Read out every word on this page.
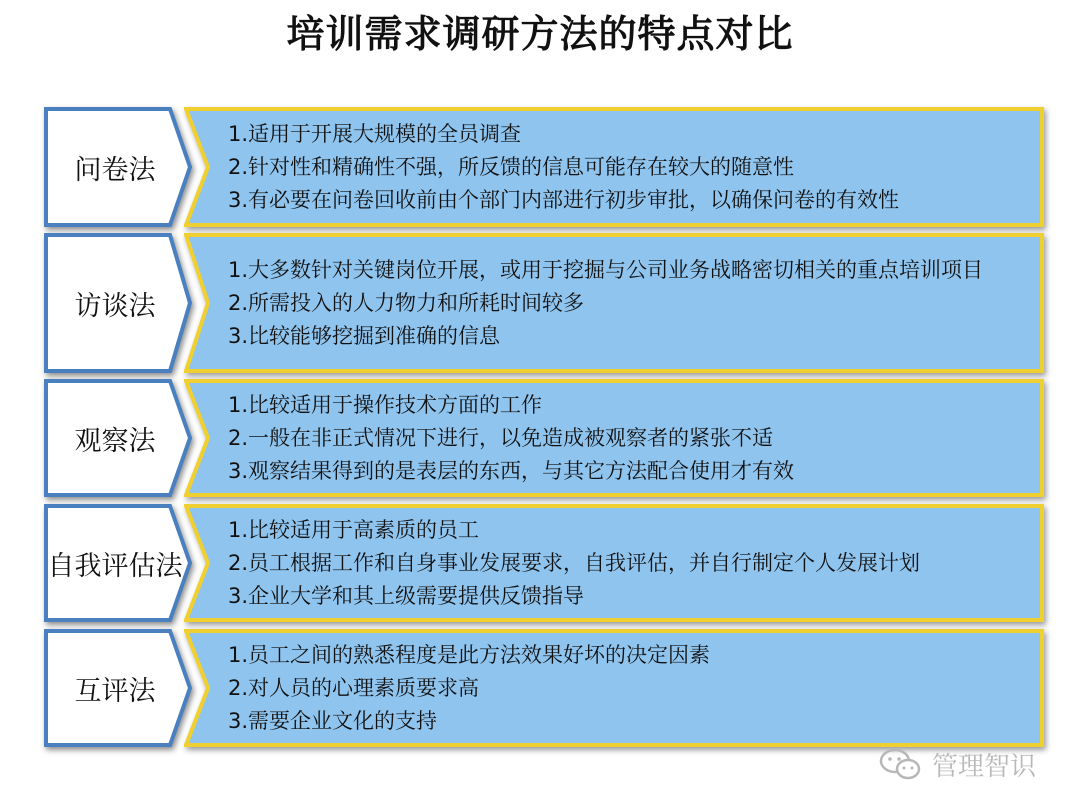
培训需求调研方法的特点对比
问卷法
1.适用于开展大规模的全员调查
2.针对性和精确性不强，所反馈的信息可能存在较大的随意性
3.有必要在问卷回收前由个部门内部进行初步审批，以确保问卷的有效性
访谈法
1.大多数针对关键岗位开展，或用于挖掘与公司业务战略密切相关的重点培训项目
2.所需投入的人力物力和所耗时间较多
3.比较能够挖掘到准确的信息
观察法
1.比较适用于操作技术方面的工作
2.一般在非正式情况下进行，以免造成被观察者的紧张不适
3.观察结果得到的是表层的东西，与其它方法配合使用才有效
自我评估法
1.比较适用于高素质的员工
2.员工根据工作和自身事业发展要求，自我评估，并自行制定个人发展计划
3.企业大学和其上级需要提供反馈指导
互评法
1.员工之间的熟悉程度是此方法效果好坏的决定因素
2.对人员的心理素质要求高
3.需要企业文化的支持
管理智识
